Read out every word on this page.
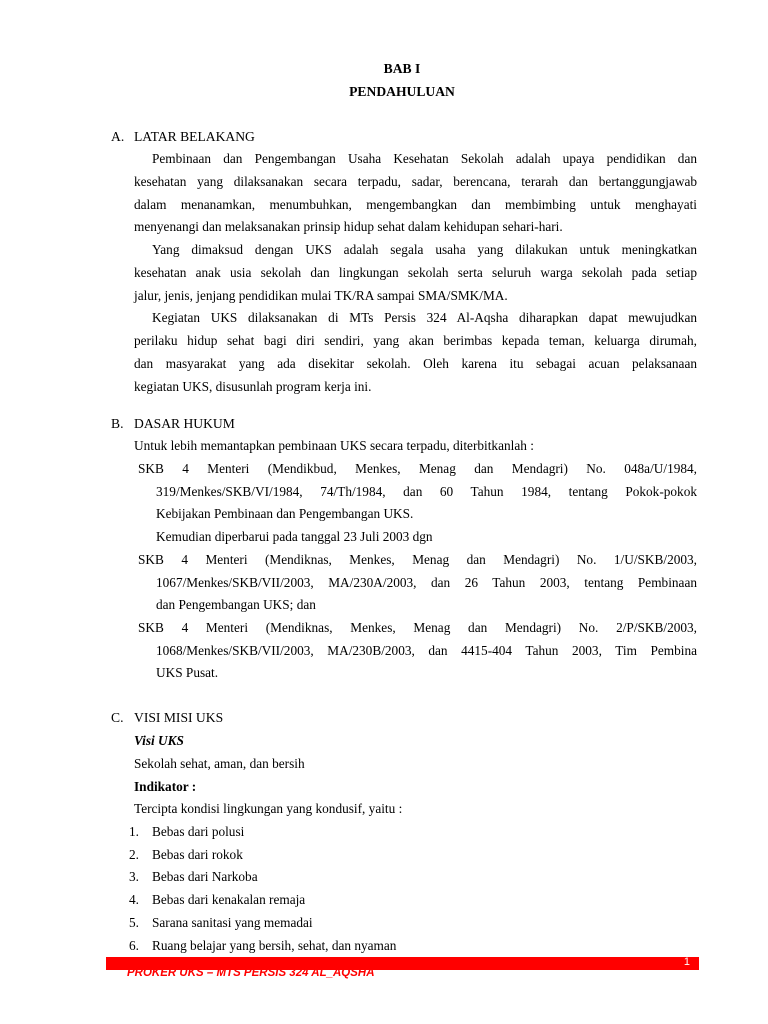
BAB I
PENDAHULUAN
A. LATAR BELAKANG
Pembinaan dan Pengembangan Usaha Kesehatan Sekolah adalah upaya pendidikan dan
kesehatan yang dilaksanakan secara terpadu, sadar, berencana, terarah dan bertanggungjawab
dalam menanamkan, menumbuhkan, mengembangkan dan membimbing untuk menghayati
menyenangi dan melaksanakan prinsip hidup sehat dalam kehidupan sehari-hari.
Yang dimaksud dengan UKS adalah segala usaha yang dilakukan untuk meningkatkan
kesehatan anak usia sekolah dan lingkungan sekolah serta seluruh warga sekolah pada setiap
jalur, jenis, jenjang pendidikan mulai TK/RA sampai SMA/SMK/MA.
Kegiatan UKS dilaksanakan di MTs Persis 324 Al-Aqsha diharapkan dapat mewujudkan
perilaku hidup sehat bagi diri sendiri, yang akan berimbas kepada teman, keluarga dirumah,
dan masyarakat yang ada disekitar sekolah. Oleh karena itu sebagai acuan pelaksanaan
kegiatan UKS, disusunlah program kerja ini.
B. DASAR HUKUM
Untuk lebih memantapkan pembinaan UKS secara terpadu, diterbitkanlah :
SKB 4 Menteri (Mendikbud, Menkes, Menag dan Mendagri) No. 048a/U/1984,
319/Menkes/SKB/VI/1984, 74/Th/1984, dan 60 Tahun 1984, tentang Pokok-pokok
Kebijakan Pembinaan dan Pengembangan UKS.
Kemudian diperbarui pada tanggal 23 Juli 2003 dgn
SKB 4 Menteri (Mendiknas, Menkes, Menag dan Mendagri) No. 1/U/SKB/2003,
1067/Menkes/SKB/VII/2003, MA/230A/2003, dan 26 Tahun 2003, tentang Pembinaan
dan Pengembangan UKS; dan
SKB 4 Menteri (Mendiknas, Menkes, Menag dan Mendagri) No. 2/P/SKB/2003,
1068/Menkes/SKB/VII/2003, MA/230B/2003, dan 4415-404 Tahun 2003, Tim Pembina
UKS Pusat.
C. VISI MISI UKS
Visi UKS
Sekolah sehat, aman, dan bersih
Indikator :
Tercipta kondisi lingkungan yang kondusif, yaitu :
1. Bebas dari polusi
2. Bebas dari rokok
3. Bebas dari Narkoba
4. Bebas dari kenakalan remaja
5. Sarana sanitasi yang memadai
6. Ruang belajar yang bersih, sehat, dan nyaman
1
PROKER UKS – MTS PERSIS 324 AL_AQSHA
